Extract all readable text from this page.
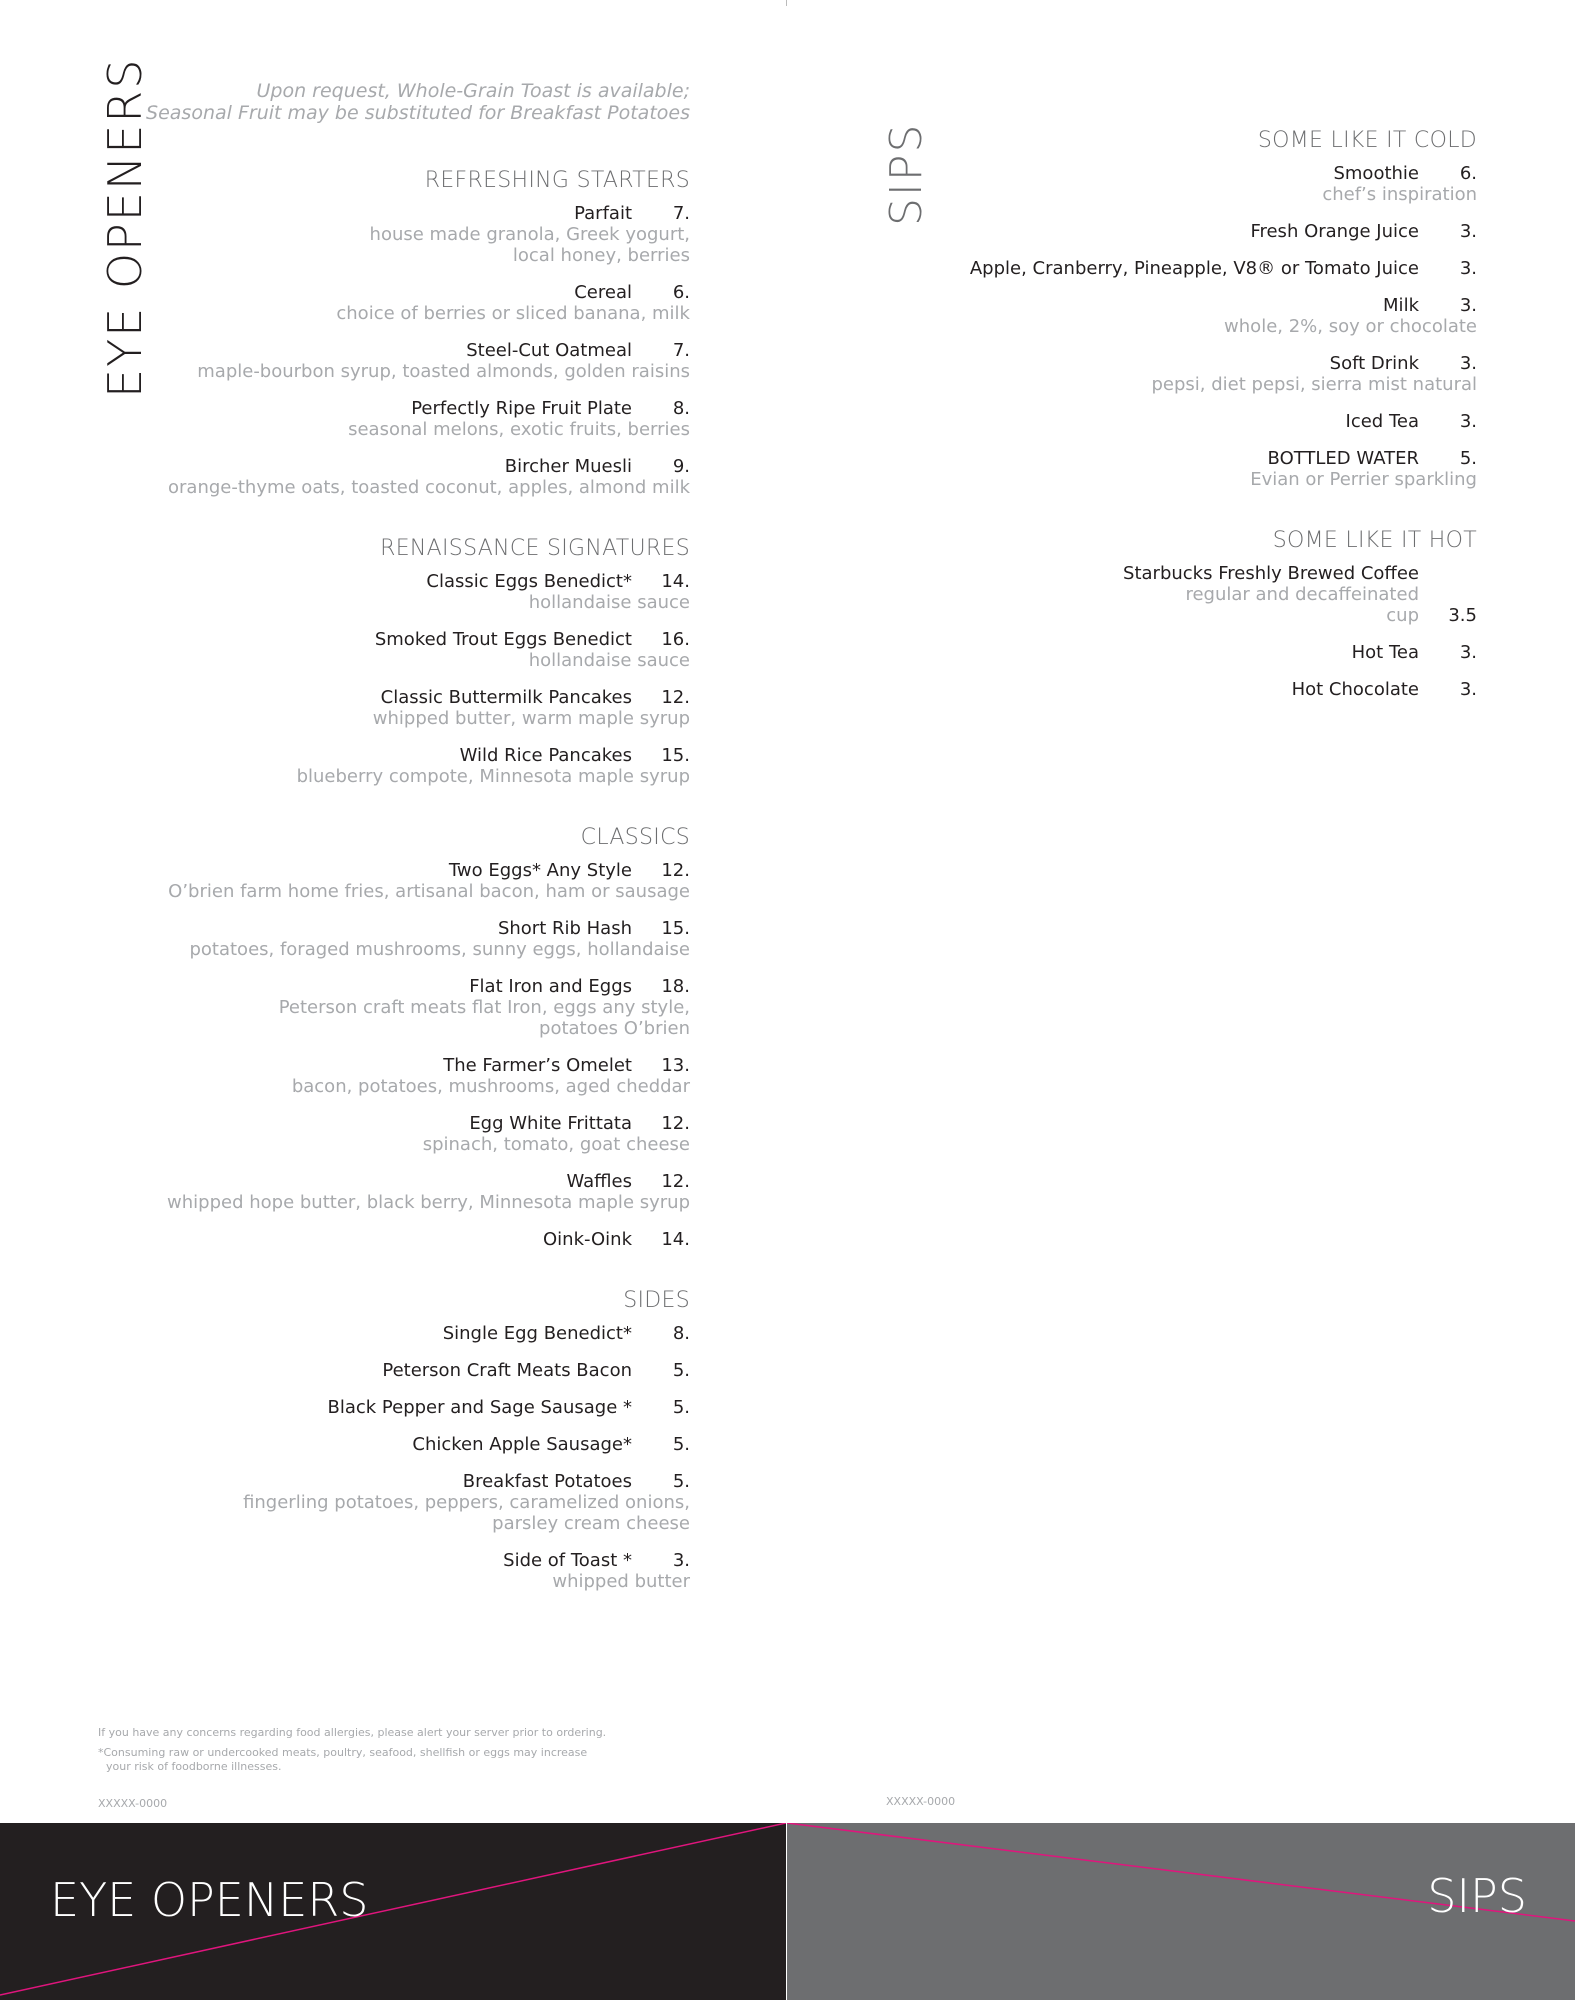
EYE OPENERS	SIPS
Upon request, Whole-Grain Toast is available;
Seasonal Fruit may be substituted for Breakfast Potatoes
REFRESHING STARTERS
Parfait	7.
house made granola, Greek yogurt,
local honey, berries
Cereal	6.
choice of berries or sliced banana, milk
Steel-Cut Oatmeal	7.
maple-bourbon syrup, toasted almonds, golden raisins
Perfectly Ripe Fruit Plate	8.
seasonal melons, exotic fruits, berries
Bircher Muesli	9.
orange-thyme oats, toasted coconut, apples, almond milk
RENAISSANCE SIGNATURES
Classic Eggs Benedict*	14.
hollandaise sauce
Smoked Trout Eggs Benedict	16.
hollandaise sauce
Classic Buttermilk Pancakes	12.
whipped butter, warm maple syrup
Wild Rice Pancakes	15.
blueberry compote, Minnesota maple syrup
CLASSICS
Two Eggs* Any Style	12.
O’brien farm home fries, artisanal bacon, ham or sausage
Short Rib Hash	15.
potatoes, foraged mushrooms, sunny eggs, hollandaise
Flat Iron and Eggs	18.
Peterson craft meats flat Iron, eggs any style,
potatoes O’brien
The Farmer’s Omelet	13.
bacon, potatoes, mushrooms, aged cheddar
Egg White Frittata	12.
spinach, tomato, goat cheese
Waffles	12.
whipped hope butter, black berry, Minnesota maple syrup
Oink-Oink	14.
SIDES
Single Egg Benedict*	8.
Peterson Craft Meats Bacon	5.
Black Pepper and Sage Sausage *	5.
Chicken Apple Sausage*	5.
Breakfast Potatoes	5.
fingerling potatoes, peppers, caramelized onions,
parsley cream cheese
Side of Toast *	3.
whipped butter
SOME LIKE IT COLD
Smoothie	6.
chef’s inspiration
Fresh Orange Juice	3.
Apple, Cranberry, Pineapple, V8® or Tomato Juice	3.
Milk	3.
whole, 2%, soy or chocolate
Soft Drink	3.
pepsi, diet pepsi, sierra mist natural
Iced Tea	3.
BOTTLED WATER	5.
Evian or Perrier sparkling
SOME LIKE IT HOT
Starbucks Freshly Brewed Coffee
regular and decaffeinated
cup	3.5
Hot Tea	3.
Hot Chocolate	3.

If you have any concerns regarding food allergies, please alert your server prior to ordering.

*Consuming raw or undercooked meats, poultry, seafood, shellfish or eggs may increase
your risk of foodborne illnesses.

XXXXX-0000	XXXXX-0000
EYE OPENERS	SIPS
